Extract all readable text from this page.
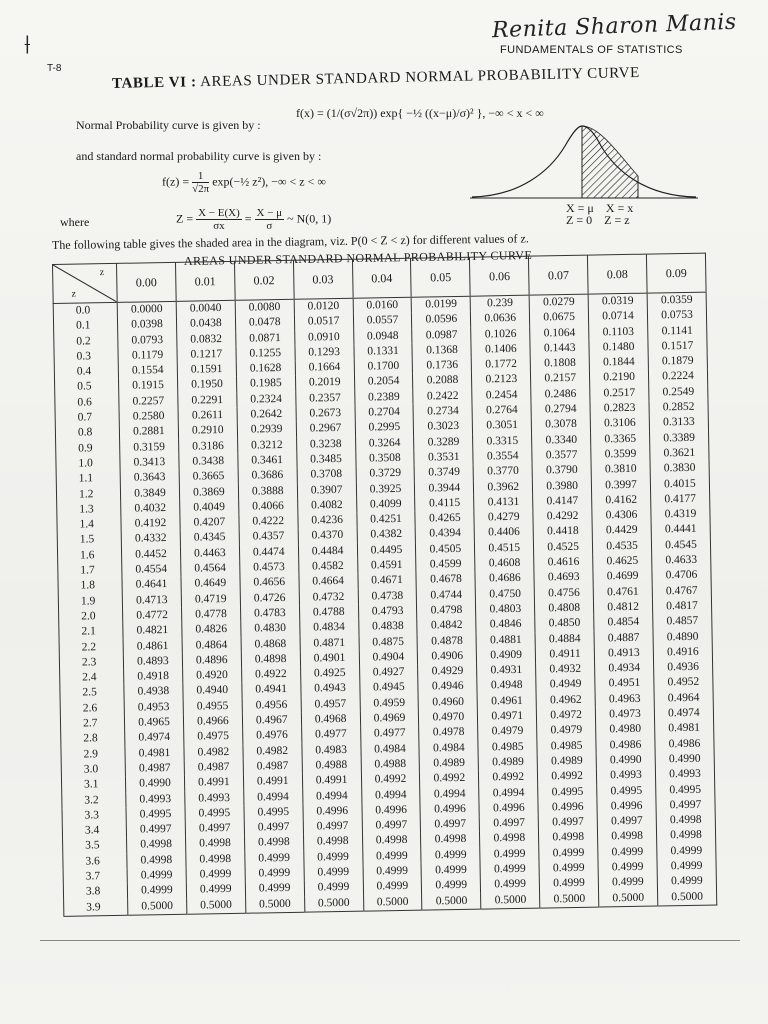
⟊
Renita Sharon Manis
FUNDAMENTALS OF STATISTICS
T-8
TABLE VI : AREAS UNDER STANDARD NORMAL PROBABILITY CURVE
Normal Probability curve is given by :
f(x) = (1/(σ√2π)) exp{ −½ ((x−μ)/σ)² }, −∞ < x < ∞
and standard normal probability curve is given by :
$f(z) = \frac{1}{√2\pi}$ exp(−½ z²), −∞ < z < ∞
where	$Z = \frac{X - E(X)}{\sigma x} = \frac{X - \mu}{\sigma}$ ~ N(0, 1)
X = μ X = x
Z = 0 Z = z
The following table gives the shaded area in the diagram, viz. P(0 < Z < z) for different values of z.
AREAS UNDER STANDARD NORMAL PROBABILITY CURVE
z
z	0.00	0.01	0.02	0.03	0.04	0.05	0.06	0.07	0.08	0.09
0.0	0.0000	0.0040	0.0080	0.0120	0.0160	0.0199	0.239	0.0279	0.0319	0.0359
0.1	0.0398	0.0438	0.0478	0.0517	0.0557	0.0596	0.0636	0.0675	0.0714	0.0753
0.2	0.0793	0.0832	0.0871	0.0910	0.0948	0.0987	0.1026	0.1064	0.1103	0.1141
0.3	0.1179	0.1217	0.1255	0.1293	0.1331	0.1368	0.1406	0.1443	0.1480	0.1517
0.4	0.1554	0.1591	0.1628	0.1664	0.1700	0.1736	0.1772	0.1808	0.1844	0.1879
0.5	0.1915	0.1950	0.1985	0.2019	0.2054	0.2088	0.2123	0.2157	0.2190	0.2224
0.6	0.2257	0.2291	0.2324	0.2357	0.2389	0.2422	0.2454	0.2486	0.2517	0.2549
0.7	0.2580	0.2611	0.2642	0.2673	0.2704	0.2734	0.2764	0.2794	0.2823	0.2852
0.8	0.2881	0.2910	0.2939	0.2967	0.2995	0.3023	0.3051	0.3078	0.3106	0.3133
0.9	0.3159	0.3186	0.3212	0.3238	0.3264	0.3289	0.3315	0.3340	0.3365	0.3389
1.0	0.3413	0.3438	0.3461	0.3485	0.3508	0.3531	0.3554	0.3577	0.3599	0.3621
1.1	0.3643	0.3665	0.3686	0.3708	0.3729	0.3749	0.3770	0.3790	0.3810	0.3830
1.2	0.3849	0.3869	0.3888	0.3907	0.3925	0.3944	0.3962	0.3980	0.3997	0.4015
1.3	0.4032	0.4049	0.4066	0.4082	0.4099	0.4115	0.4131	0.4147	0.4162	0.4177
1.4	0.4192	0.4207	0.4222	0.4236	0.4251	0.4265	0.4279	0.4292	0.4306	0.4319
1.5	0.4332	0.4345	0.4357	0.4370	0.4382	0.4394	0.4406	0.4418	0.4429	0.4441
1.6	0.4452	0.4463	0.4474	0.4484	0.4495	0.4505	0.4515	0.4525	0.4535	0.4545
1.7	0.4554	0.4564	0.4573	0.4582	0.4591	0.4599	0.4608	0.4616	0.4625	0.4633
1.8	0.4641	0.4649	0.4656	0.4664	0.4671	0.4678	0.4686	0.4693	0.4699	0.4706
1.9	0.4713	0.4719	0.4726	0.4732	0.4738	0.4744	0.4750	0.4756	0.4761	0.4767
2.0	0.4772	0.4778	0.4783	0.4788	0.4793	0.4798	0.4803	0.4808	0.4812	0.4817
2.1	0.4821	0.4826	0.4830	0.4834	0.4838	0.4842	0.4846	0.4850	0.4854	0.4857
2.2	0.4861	0.4864	0.4868	0.4871	0.4875	0.4878	0.4881	0.4884	0.4887	0.4890
2.3	0.4893	0.4896	0.4898	0.4901	0.4904	0.4906	0.4909	0.4911	0.4913	0.4916
2.4	0.4918	0.4920	0.4922	0.4925	0.4927	0.4929	0.4931	0.4932	0.4934	0.4936
2.5	0.4938	0.4940	0.4941	0.4943	0.4945	0.4946	0.4948	0.4949	0.4951	0.4952
2.6	0.4953	0.4955	0.4956	0.4957	0.4959	0.4960	0.4961	0.4962	0.4963	0.4964
2.7	0.4965	0.4966	0.4967	0.4968	0.4969	0.4970	0.4971	0.4972	0.4973	0.4974
2.8	0.4974	0.4975	0.4976	0.4977	0.4977	0.4978	0.4979	0.4979	0.4980	0.4981
2.9	0.4981	0.4982	0.4982	0.4983	0.4984	0.4984	0.4985	0.4985	0.4986	0.4986
3.0	0.4987	0.4987	0.4987	0.4988	0.4988	0.4989	0.4989	0.4989	0.4990	0.4990
3.1	0.4990	0.4991	0.4991	0.4991	0.4992	0.4992	0.4992	0.4992	0.4993	0.4993
3.2	0.4993	0.4993	0.4994	0.4994	0.4994	0.4994	0.4994	0.4995	0.4995	0.4995
3.3	0.4995	0.4995	0.4995	0.4996	0.4996	0.4996	0.4996	0.4996	0.4996	0.4997
3.4	0.4997	0.4997	0.4997	0.4997	0.4997	0.4997	0.4997	0.4997	0.4997	0.4998
3.5	0.4998	0.4998	0.4998	0.4998	0.4998	0.4998	0.4998	0.4998	0.4998	0.4998
3.6	0.4998	0.4998	0.4999	0.4999	0.4999	0.4999	0.4999	0.4999	0.4999	0.4999
3.7	0.4999	0.4999	0.4999	0.4999	0.4999	0.4999	0.4999	0.4999	0.4999	0.4999
3.8	0.4999	0.4999	0.4999	0.4999	0.4999	0.4999	0.4999	0.4999	0.4999	0.4999
3.9	0.5000	0.5000	0.5000	0.5000	0.5000	0.5000	0.5000	0.5000	0.5000	0.5000
